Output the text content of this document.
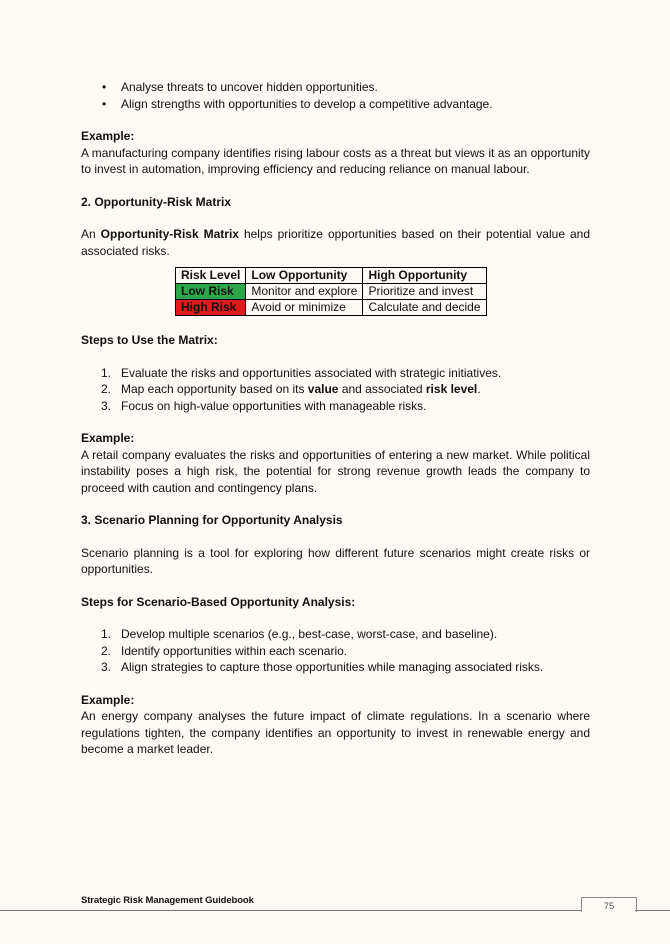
• Analyse threats to uncover hidden opportunities.
• Align strengths with opportunities to develop a competitive advantage.

Example:

A manufacturing company identifies rising labour costs as a threat but views it as an opportunity to invest in automation, improving efficiency and reducing reliance on manual labour.

2. Opportunity-Risk Matrix

An Opportunity-Risk Matrix helps prioritize opportunities based on their potential value and associated risks.

Risk Level	Low Opportunity	High Opportunity
Low Risk	Monitor and explore	Prioritize and invest
High Risk	Avoid or minimize	Calculate and decide

Steps to Use the Matrix:

1. Evaluate the risks and opportunities associated with strategic initiatives.
2. Map each opportunity based on its value and associated risk level.
3. Focus on high-value opportunities with manageable risks.

Example:

A retail company evaluates the risks and opportunities of entering a new market. While political instability poses a high risk, the potential for strong revenue growth leads the company to proceed with caution and contingency plans.

3. Scenario Planning for Opportunity Analysis

Scenario planning is a tool for exploring how different future scenarios might create risks or opportunities.

Steps for Scenario-Based Opportunity Analysis:

1. Develop multiple scenarios (e.g., best-case, worst-case, and baseline).
2. Identify opportunities within each scenario.
3. Align strategies to capture those opportunities while managing associated risks.

Example:

An energy company analyses the future impact of climate regulations. In a scenario where regulations tighten, the company identifies an opportunity to invest in renewable energy and become a market leader.

Strategic Risk Management Guidebook
75
